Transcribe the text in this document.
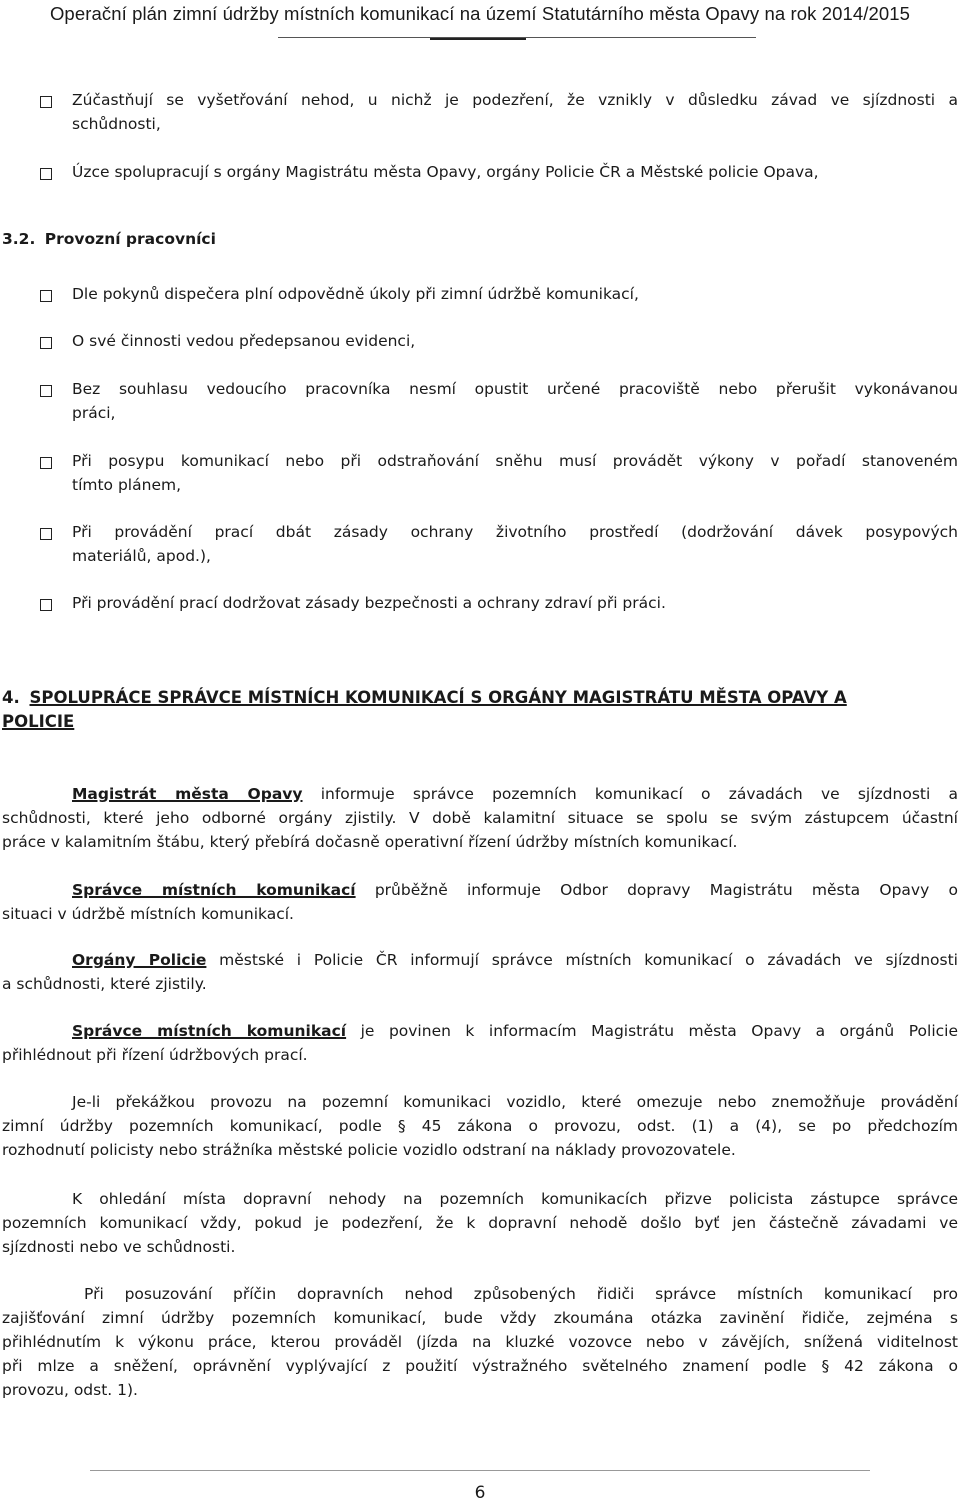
Operační plán zimní údržby místních komunikací na území Statutárního města Opavy na rok 2014/2015
Zúčastňují se vyšetřování nehod, u nichž je podezření, že vznikly v důsledku závad ve sjízdnosti a
schůdnosti,
Úzce spolupracují s orgány Magistrátu města Opavy, orgány Policie ČR a Městské policie Opava,
3.2. Provozní pracovníci
Dle pokynů dispečera plní odpovědně úkoly při zimní údržbě komunikací,
O své činnosti vedou předepsanou evidenci,
Bez souhlasu vedoucího pracovníka nesmí opustit určené pracoviště nebo přerušit vykonávanou
práci,
Při posypu komunikací nebo při odstraňování sněhu musí provádět výkony v pořadí stanoveném
tímto plánem,
Při provádění prací dbát zásady ochrany životního prostředí (dodržování dávek posypových
materiálů, apod.),
Při provádění prací dodržovat zásady bezpečnosti a ochrany zdraví při práci.
4. SPOLUPRÁCE SPRÁVCE MÍSTNÍCH KOMUNIKACÍ S ORGÁNY MAGISTRÁTU MĚSTA OPAVY A
POLICIE
Magistrát města Opavy informuje správce pozemních komunikací o závadách ve sjízdnosti a
schůdnosti, které jeho odborné orgány zjistily. V době kalamitní situace se spolu se svým zástupcem účastní
práce v kalamitním štábu, který přebírá dočasně operativní řízení údržby místních komunikací.
Správce místních komunikací průběžně informuje Odbor dopravy Magistrátu města Opavy o
situaci v údržbě místních komunikací.
Orgány Policie městské i Policie ČR informují správce místních komunikací o závadách ve sjízdnosti
a schůdnosti, které zjistily.
Správce místních komunikací je povinen k informacím Magistrátu města Opavy a orgánů Policie
přihlédnout při řízení údržbových prací.
Je-li překážkou provozu na pozemní komunikaci vozidlo, které omezuje nebo znemožňuje provádění
zimní údržby pozemních komunikací, podle § 45 zákona o provozu, odst. (1) a (4), se po předchozím
rozhodnutí policisty nebo strážníka městské policie vozidlo odstraní na náklady provozovatele.
K ohledání místa dopravní nehody na pozemních komunikacích přizve policista zástupce správce
pozemních komunikací vždy, pokud je podezření, že k dopravní nehodě došlo byť jen částečně závadami ve
sjízdnosti nebo ve schůdnosti.
Při posuzování příčin dopravních nehod způsobených řidiči správce místních komunikací pro
zajišťování zimní údržby pozemních komunikací, bude vždy zkoumána otázka zavinění řidiče, zejména s
přihlédnutím k výkonu práce, kterou prováděl (jízda na kluzké vozovce nebo v závějích, snížená viditelnost
při mlze a sněžení, oprávnění vyplývající z použití výstražného světelného znamení podle § 42 zákona o
provozu, odst. 1).
6
